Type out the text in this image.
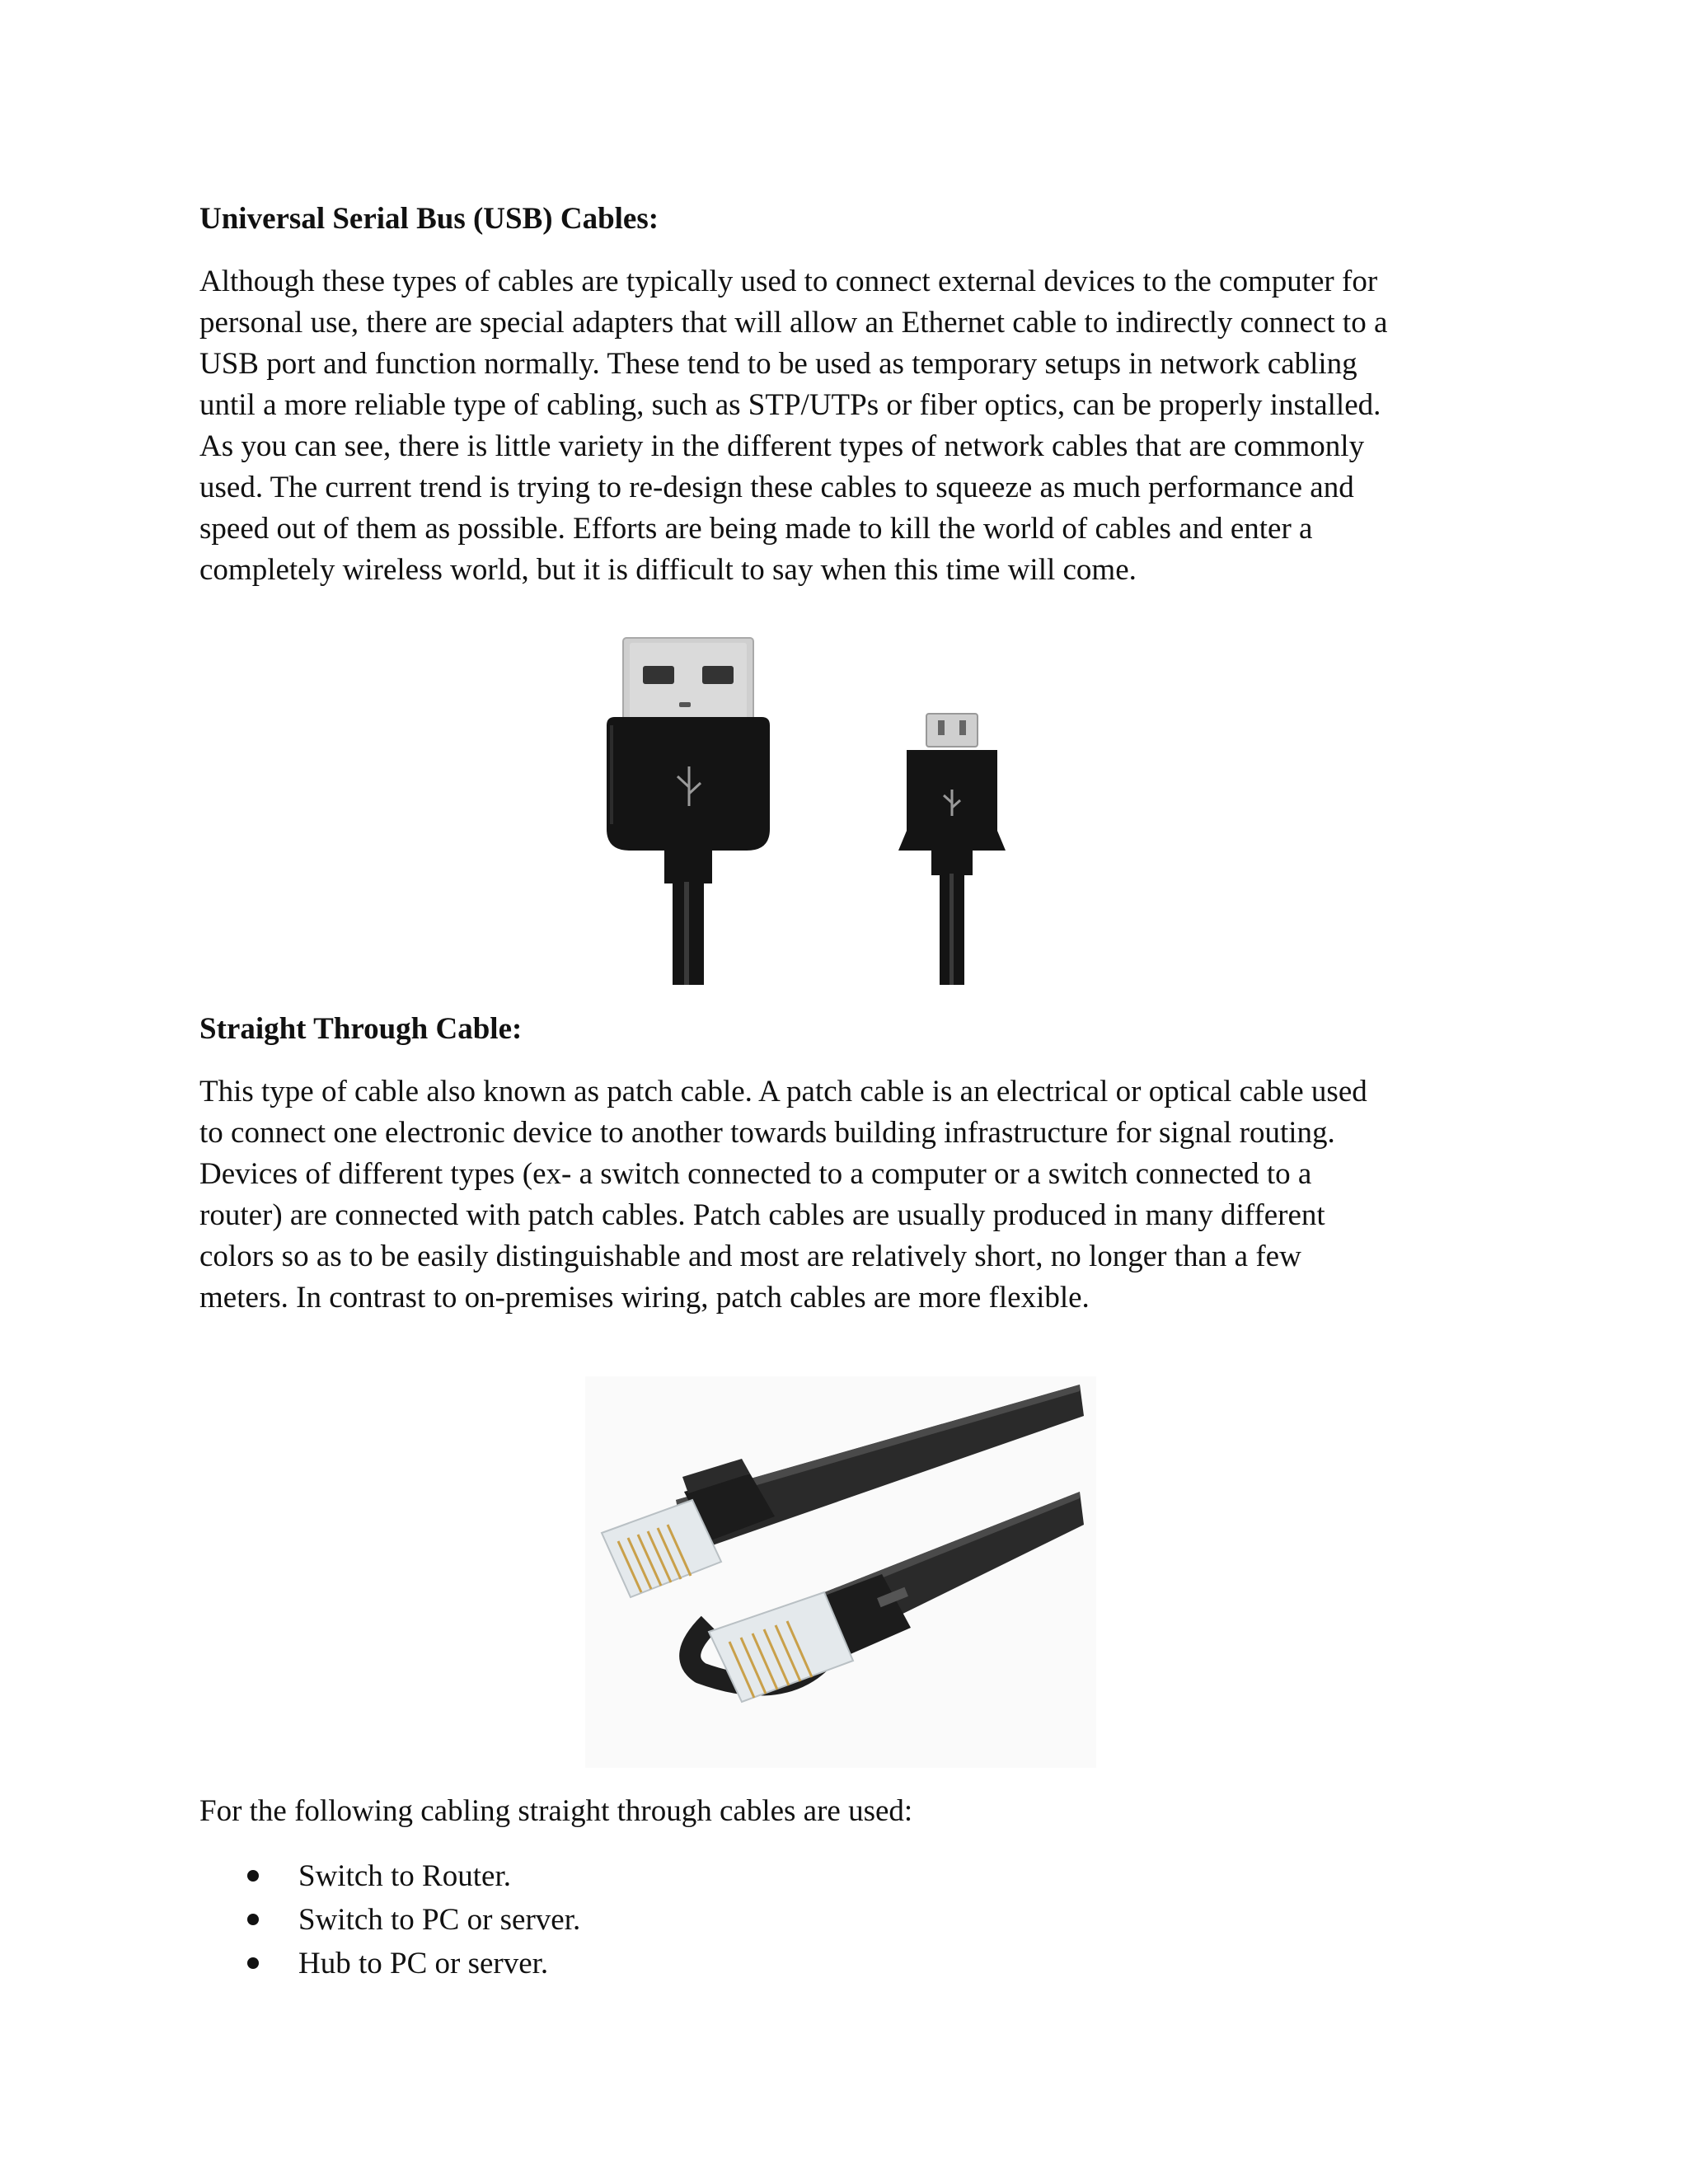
Universal Serial Bus (USB) Cables:

Although these types of cables are typically used to connect external devices to the computer for
personal use, there are special adapters that will allow an Ethernet cable to indirectly connect to a
USB port and function normally. These tend to be used as temporary setups in network cabling
until a more reliable type of cabling, such as STP/UTPs or fiber optics, can be properly installed.
As you can see, there is little variety in the different types of network cables that are commonly
used. The current trend is trying to re-design these cables to squeeze as much performance and
speed out of them as possible. Efforts are being made to kill the world of cables and enter a
completely wireless world, but it is difficult to say when this time will come.

Straight Through Cable:

This type of cable also known as patch cable. A patch cable is an electrical or optical cable used
to connect one electronic device to another towards building infrastructure for signal routing.
Devices of different types (ex- a switch connected to a computer or a switch connected to a
router) are connected with patch cables. Patch cables are usually produced in many different
colors so as to be easily distinguishable and most are relatively short, no longer than a few
meters. In contrast to on-premises wiring, patch cables are more flexible.

For the following cabling straight through cables are used:

Switch to Router.
Switch to PC or server.
Hub to PC or server.
